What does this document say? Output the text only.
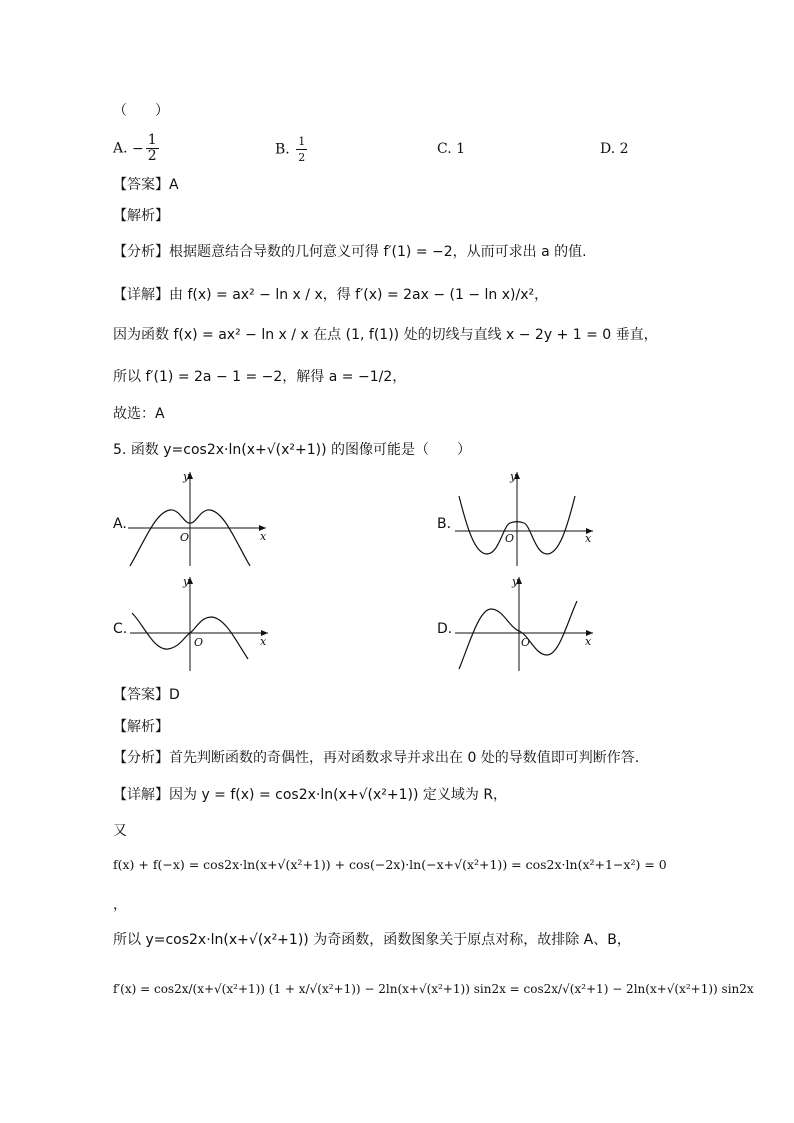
（　　）
A. − $\frac{1}{2}$	B. $\frac{1}{2}$	C. 1	D. 2
【答案】A
【解析】
【分析】根据题意结合导数的几何意义可得 f′(1) = −2，从而可求出 a 的值.
【详解】由 f(x) = ax² − ln x / x，得 f′(x) = 2ax − (1 − ln x)/x²，
因为函数 f(x) = ax² − ln x / x 在点 (1, f(1)) 处的切线与直线 x − 2y + 1 = 0 垂直，
所以 f′(1) = 2a − 1 = −2，解得 a = −1/2，
故选：A
5. 函数 y=cos2x·ln(x+√(x²+1)) 的图像可能是（　　）
A.
y
x
O
B.
y
x
O
C.
y
x
O
D.
y
x
O
【答案】D
【解析】
【分析】首先判断函数的奇偶性，再对函数求导并求出在 0 处的导数值即可判断作答.
【详解】因为 y = f(x) = cos2x·ln(x+√(x²+1)) 定义域为 R，
又
f(x) + f(−x) = cos2x·ln(x+√(x²+1)) + cos(−2x)·ln(−x+√(x²+1)) = cos2x·ln(x²+1−x²) = 0
，
所以 y=cos2x·ln(x+√(x²+1)) 为奇函数，函数图象关于原点对称，故排除 A、B，
f′(x) = cos2x/(x+√(x²+1)) (1 + x/√(x²+1)) − 2ln(x+√(x²+1)) sin2x = cos2x/√(x²+1) − 2ln(x+√(x²+1)) sin2x
